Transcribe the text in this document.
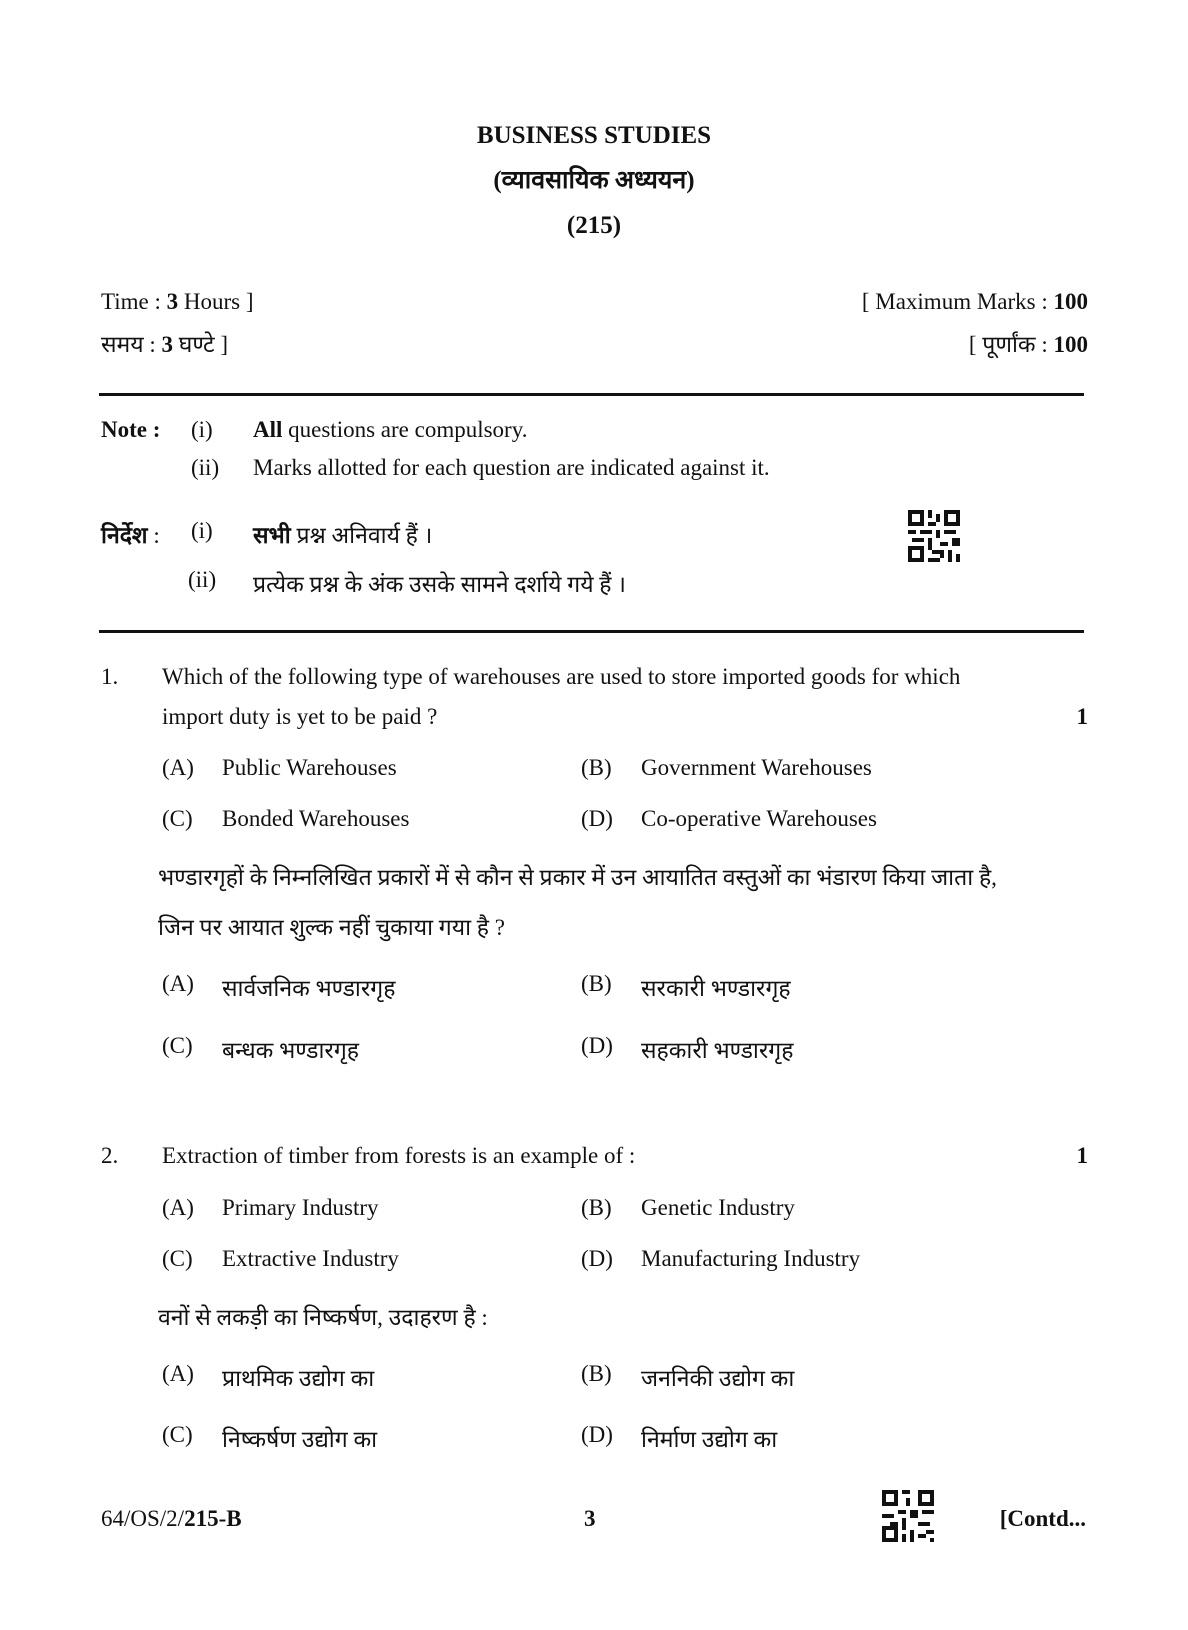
BUSINESS STUDIES
(व्यावसायिक अध्ययन)
(215)
Time : 3 Hours ]
समय : 3 घण्टे ]
[ Maximum Marks : 100
[ पूर्णांक : 100
Note : (i) All questions are compulsory.
(ii) Marks allotted for each question are indicated against it.
निर्देश : (i) सभी प्रश्न अनिवार्य हैं ।
(ii) प्रत्येक प्रश्न के अंक उसके सामने दर्शाये गये हैं ।
1. Which of the following type of warehouses are used to store imported goods for which
import duty is yet to be paid ?	1
(A) Public Warehouses	(B) Government Warehouses
(C) Bonded Warehouses	(D) Co-operative Warehouses
भण्डारगृहों के निम्नलिखित प्रकारों में से कौन से प्रकार में उन आयातित वस्तुओं का भंडारण किया जाता है,
जिन पर आयात शुल्क नहीं चुकाया गया है ?
(A) सार्वजनिक भण्डारगृह	(B) सरकारी भण्डारगृह
(C) बन्धक भण्डारगृह	(D) सहकारी भण्डारगृह
2. Extraction of timber from forests is an example of :	1
(A) Primary Industry	(B) Genetic Industry
(C) Extractive Industry	(D) Manufacturing Industry
वनों से लकड़ी का निष्कर्षण, उदाहरण है :
(A) प्राथमिक उद्योग का	(B) जननिकी उद्योग का
(C) निष्कर्षण उद्योग का	(D) निर्माण उद्योग का
64/OS/2/215-B	3	[Contd...
